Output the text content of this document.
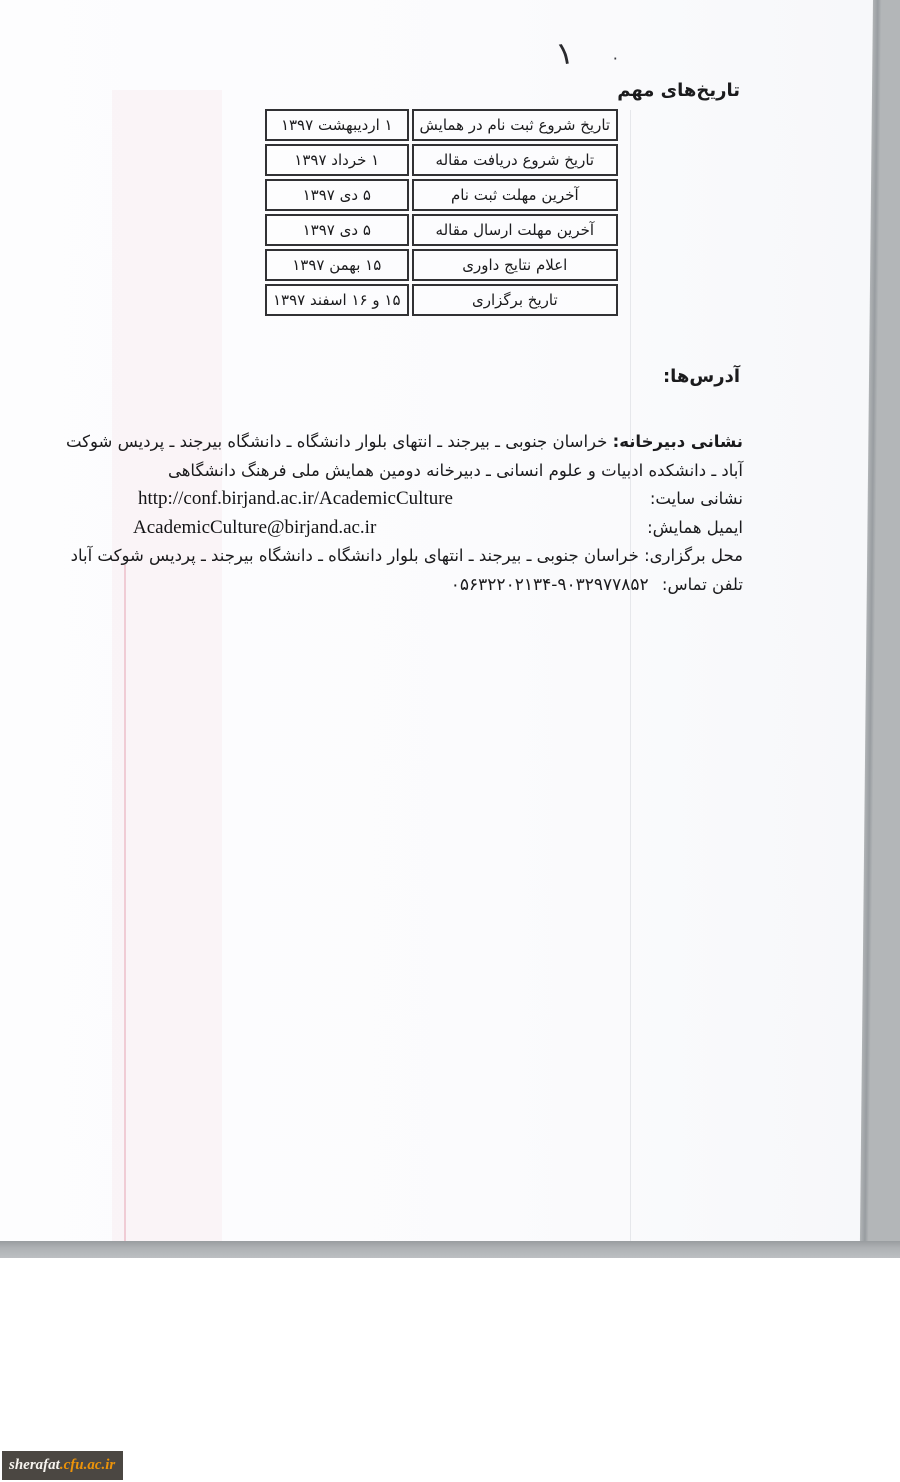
۱ ۰
تاریخ‌های مهم
تاریخ شروع ثبت نام در همایش	۱ اردیبهشت ۱۳۹۷
تاریخ شروع دریافت مقاله	۱ خرداد ۱۳۹۷
آخرین مهلت ثبت نام	۵ دی ۱۳۹۷
آخرین مهلت ارسال مقاله	۵ دی ۱۳۹۷
اعلام نتایج داوری	۱۵ بهمن ۱۳۹۷
تاریخ برگزاری	۱۵ و ۱۶ اسفند ۱۳۹۷
آدرس‌ها:
نشانی دبیرخانه: خراسان جنوبی ـ بیرجند ـ انتهای بلوار دانشگاه ـ دانشگاه بیرجند ـ پردیس شوکت
آباد ـ دانشکده ادبیات و علوم انسانی ـ دبیرخانه دومین همایش ملی فرهنگ دانشگاهی
نشانی سایت:
http://conf.birjand.ac.ir/AcademicCulture
ایمیل همایش:
AcademicCulture@birjand.ac.ir
محل برگزاری: خراسان جنوبی ـ بیرجند ـ انتهای بلوار دانشگاه ـ دانشگاه بیرجند ـ پردیس شوکت آباد
تلفن تماس: ۰۵۶۳۲۲۰۲۱۳۴-۹۰۳۲۹۷۷۸۵۲
sherafat .cfu.ac.ir
